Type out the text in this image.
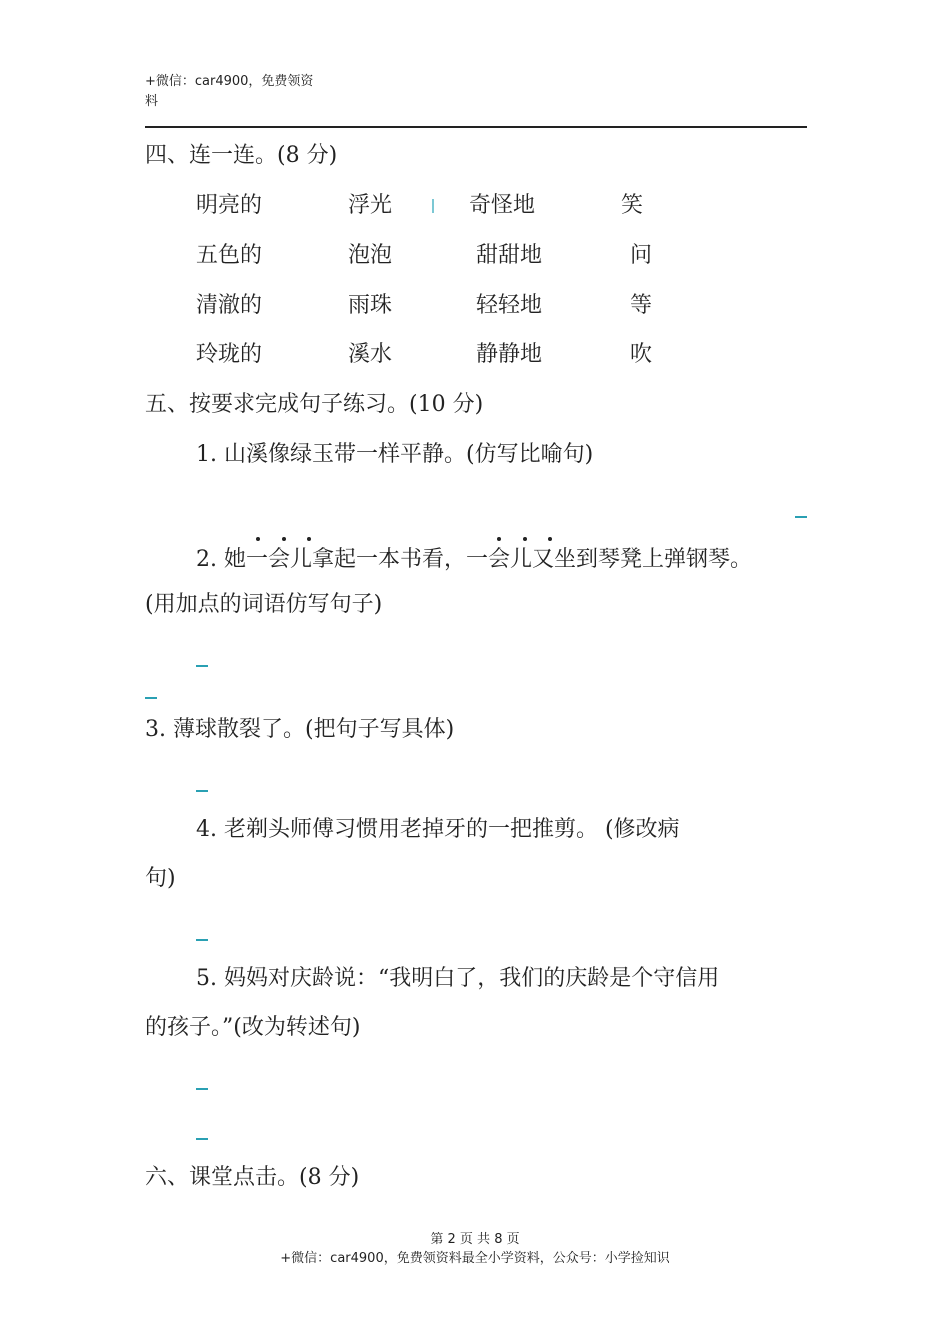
+微信：car4900，免费领资
料
四、连一连。(8 分)
明亮的	浮光	奇怪地	笑
五色的	泡泡	甜甜地	问
清澈的	雨珠	轻轻地	等
玲珑的	溪水	静静地	吹
五、按要求完成句子练习。(10 分)
1. 山溪像绿玉带一样平静。(仿写比喻句)
2. 她一会儿拿起一本书看，一会儿又坐到琴凳上弹钢琴。
(用加点的词语仿写句子)
3. 薄球散裂了。(把句子写具体)
4. 老剃头师傅习惯用老掉牙的一把推剪。 (修改病
句)
5. 妈妈对庆龄说：“我明白了，我们的庆龄是个守信用
的孩子。”(改为转述句)
六、课堂点击。(8 分)
第 2 页 共 8 页
+微信：car4900，免费领资料最全小学资料，公众号：小学捡知识
